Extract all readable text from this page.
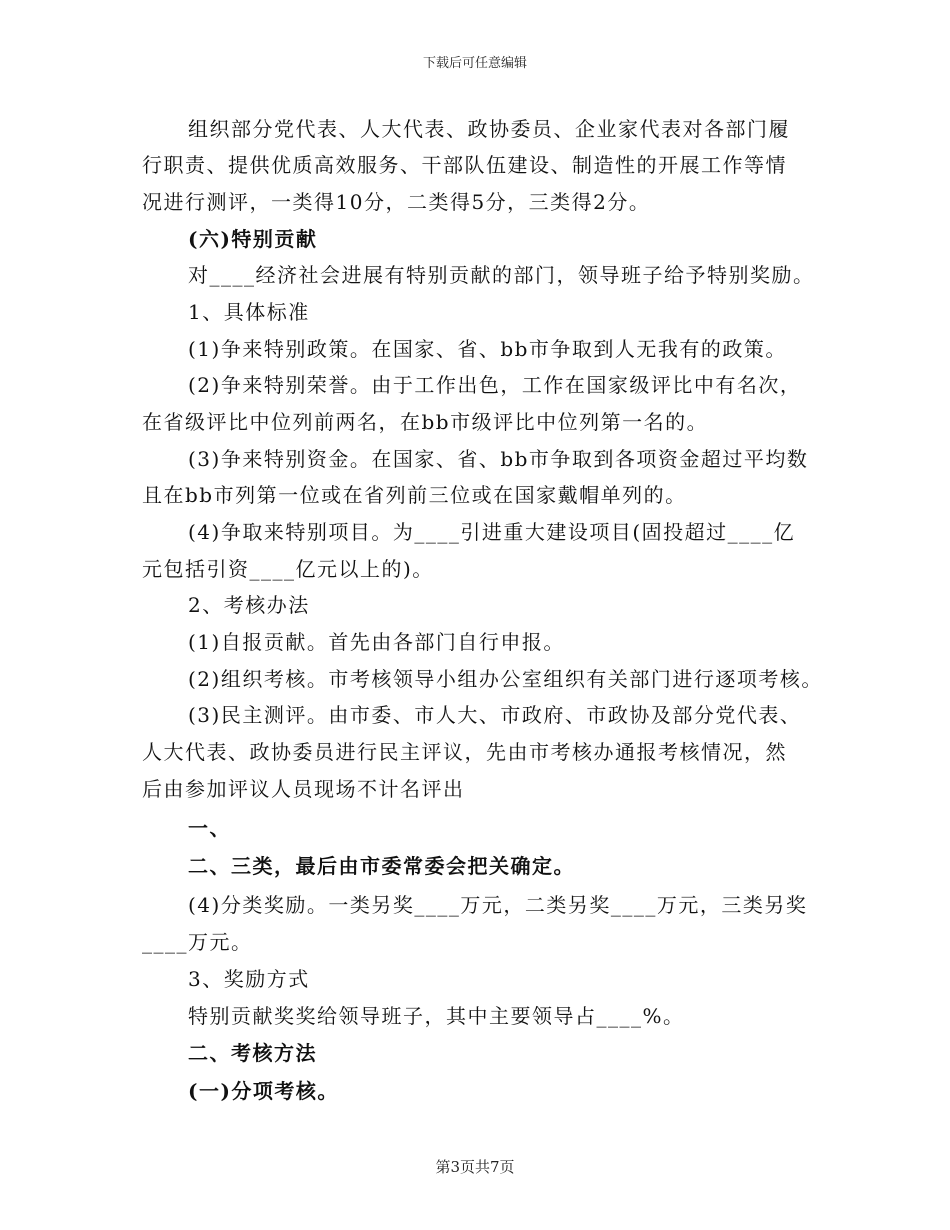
下载后可任意编辑
组织部分党代表、人大代表、政协委员、企业家代表对各部门履
行职责、提供优质高效服务、干部队伍建设、制造性的开展工作等情
况进行测评，一类得10分，二类得5分，三类得2分。
(六)特别贡献
对____经济社会进展有特别贡献的部门，领导班子给予特别奖励。
1、具体标准
(1)争来特别政策。在国家、省、bb市争取到人无我有的政策。
(2)争来特别荣誉。由于工作出色，工作在国家级评比中有名次，
在省级评比中位列前两名，在bb市级评比中位列第一名的。
(3)争来特别资金。在国家、省、bb市争取到各项资金超过平均数
且在bb市列第一位或在省列前三位或在国家戴帽单列的。
(4)争取来特别项目。为____引进重大建设项目(固投超过____亿
元包括引资____亿元以上的)。
2、考核办法
(1)自报贡献。首先由各部门自行申报。
(2)组织考核。市考核领导小组办公室组织有关部门进行逐项考核。
(3)民主测评。由市委、市人大、市政府、市政协及部分党代表、
人大代表、政协委员进行民主评议，先由市考核办通报考核情况，然
后由参加评议人员现场不计名评出
一、
二、三类，最后由市委常委会把关确定。
(4)分类奖励。一类另奖____万元，二类另奖____万元，三类另奖
____万元。
3、奖励方式
特别贡献奖奖给领导班子，其中主要领导占____%。
二、考核方法
(一)分项考核。
第3页共7页
